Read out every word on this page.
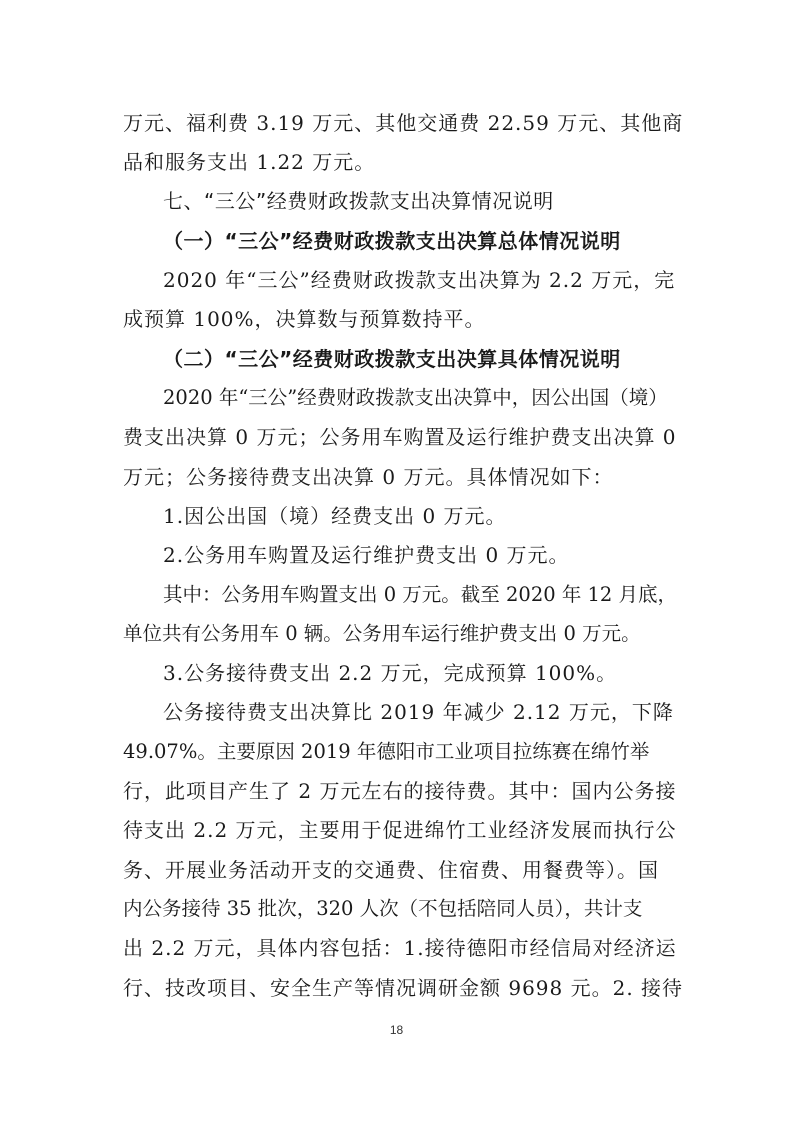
万元、福利费 3.19 万元、其他交通费 22.59 万元、其他商
品和服务支出 1.22 万元。
七、“三公”经费财政拨款支出决算情况说明
（一）“三公”经费财政拨款支出决算总体情况说明
2020 年“三公”经费财政拨款支出决算为 2.2 万元，完
成预算 100%，决算数与预算数持平。
（二）“三公”经费财政拨款支出决算具体情况说明
2020 年“三公”经费财政拨款支出决算中，因公出国（境）
费支出决算 0 万元；公务用车购置及运行维护费支出决算 0
万元；公务接待费支出决算 0 万元。具体情况如下：
1.因公出国（境）经费支出 0 万元。
2.公务用车购置及运行维护费支出 0 万元。
其中：公务用车购置支出 0 万元。截至 2020 年 12 月底，
单位共有公务用车 0 辆。公务用车运行维护费支出 0 万元。
3.公务接待费支出 2.2 万元，完成预算 100%。
公务接待费支出决算比 2019 年减少 2.12 万元，下降
49.07%。主要原因 2019 年德阳市工业项目拉练赛在绵竹举
行，此项目产生了 2 万元左右的接待费。其中：国内公务接
待支出 2.2 万元，主要用于促进绵竹工业经济发展而执行公
务、开展业务活动开支的交通费、住宿费、用餐费等）。国
内公务接待 35 批次，320 人次（不包括陪同人员），共计支
出 2.2 万元，具体内容包括：1.接待德阳市经信局对经济运
行、技改项目、安全生产等情况调研金额 9698 元。2. 接待
18
